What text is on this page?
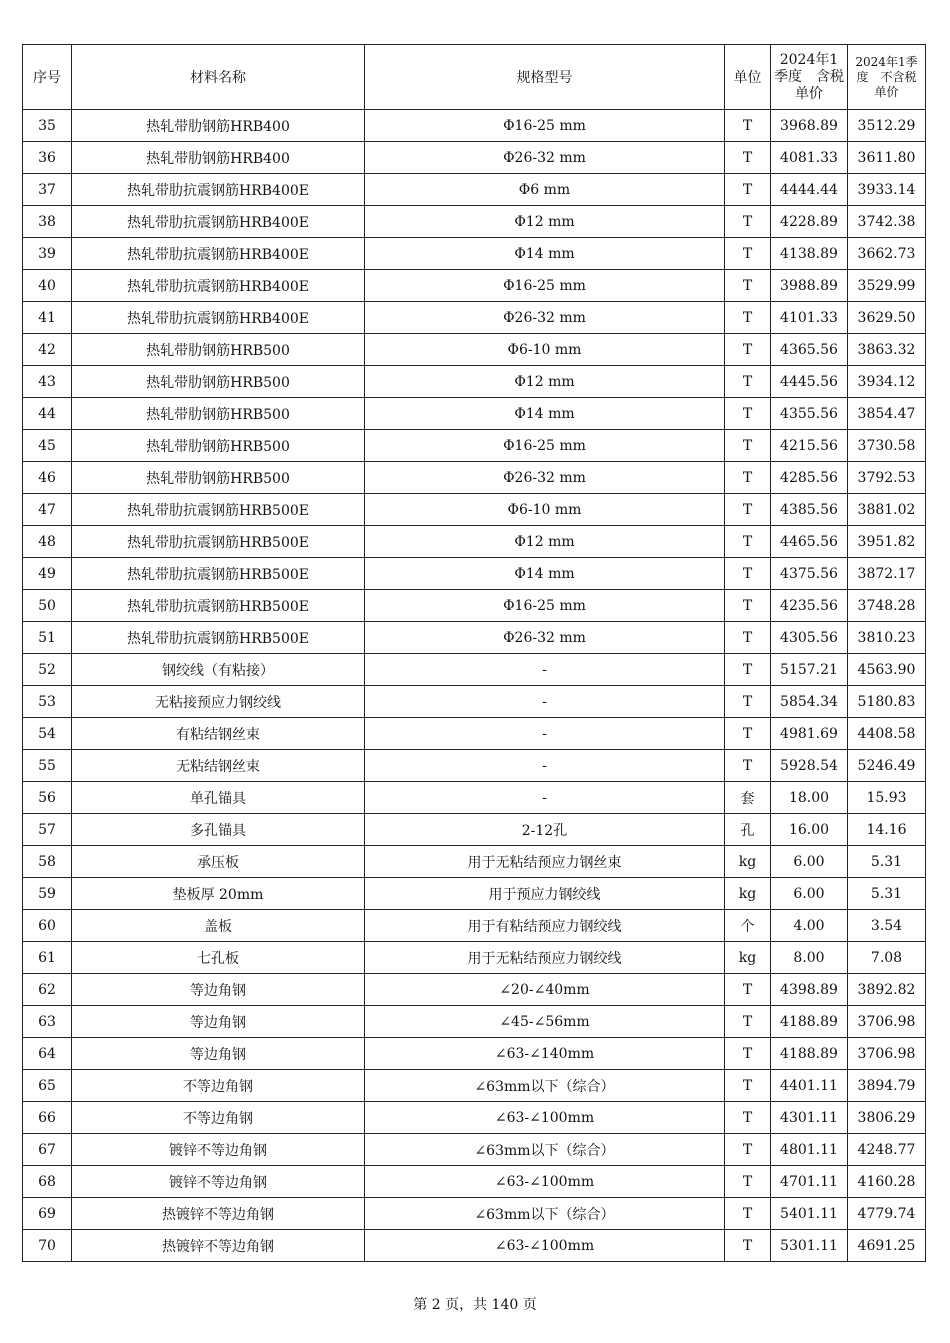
序号	材料名称	规格型号	单位	2024年1季度　含税单价	2024年1季度　不含税单价
35	热轧带肋钢筋HRB400	Φ16-25 mm	T	3968.89	3512.29
36	热轧带肋钢筋HRB400	Φ26-32 mm	T	4081.33	3611.80
37	热轧带肋抗震钢筋HRB400E	Φ6 mm	T	4444.44	3933.14
38	热轧带肋抗震钢筋HRB400E	Φ12 mm	T	4228.89	3742.38
39	热轧带肋抗震钢筋HRB400E	Φ14 mm	T	4138.89	3662.73
40	热轧带肋抗震钢筋HRB400E	Φ16-25 mm	T	3988.89	3529.99
41	热轧带肋抗震钢筋HRB400E	Φ26-32 mm	T	4101.33	3629.50
42	热轧带肋钢筋HRB500	Φ6-10 mm	T	4365.56	3863.32
43	热轧带肋钢筋HRB500	Φ12 mm	T	4445.56	3934.12
44	热轧带肋钢筋HRB500	Φ14 mm	T	4355.56	3854.47
45	热轧带肋钢筋HRB500	Φ16-25 mm	T	4215.56	3730.58
46	热轧带肋钢筋HRB500	Φ26-32 mm	T	4285.56	3792.53
47	热轧带肋抗震钢筋HRB500E	Φ6-10 mm	T	4385.56	3881.02
48	热轧带肋抗震钢筋HRB500E	Φ12 mm	T	4465.56	3951.82
49	热轧带肋抗震钢筋HRB500E	Φ14 mm	T	4375.56	3872.17
50	热轧带肋抗震钢筋HRB500E	Φ16-25 mm	T	4235.56	3748.28
51	热轧带肋抗震钢筋HRB500E	Φ26-32 mm	T	4305.56	3810.23
52	钢绞线（有粘接）	-	T	5157.21	4563.90
53	无粘接预应力钢绞线	-	T	5854.34	5180.83
54	有粘结钢丝束	-	T	4981.69	4408.58
55	无粘结钢丝束	-	T	5928.54	5246.49
56	单孔锚具	-	套	18.00	15.93
57	多孔锚具	2-12孔	孔	16.00	14.16
58	承压板	用于无粘结预应力钢丝束	kg	6.00	5.31
59	垫板厚 20mm	用于预应力钢绞线	kg	6.00	5.31
60	盖板	用于有粘结预应力钢绞线	个	4.00	3.54
61	七孔板	用于无粘结预应力钢绞线	kg	8.00	7.08
62	等边角钢	∠20-∠40mm	T	4398.89	3892.82
63	等边角钢	∠45-∠56mm	T	4188.89	3706.98
64	等边角钢	∠63-∠140mm	T	4188.89	3706.98
65	不等边角钢	∠63mm以下（综合）	T	4401.11	3894.79
66	不等边角钢	∠63-∠100mm	T	4301.11	3806.29
67	镀锌不等边角钢	∠63mm以下（综合）	T	4801.11	4248.77
68	镀锌不等边角钢	∠63-∠100mm	T	4701.11	4160.28
69	热镀锌不等边角钢	∠63mm以下（综合）	T	5401.11	4779.74
70	热镀锌不等边角钢	∠63-∠100mm	T	5301.11	4691.25
第 2 页，共 140 页
